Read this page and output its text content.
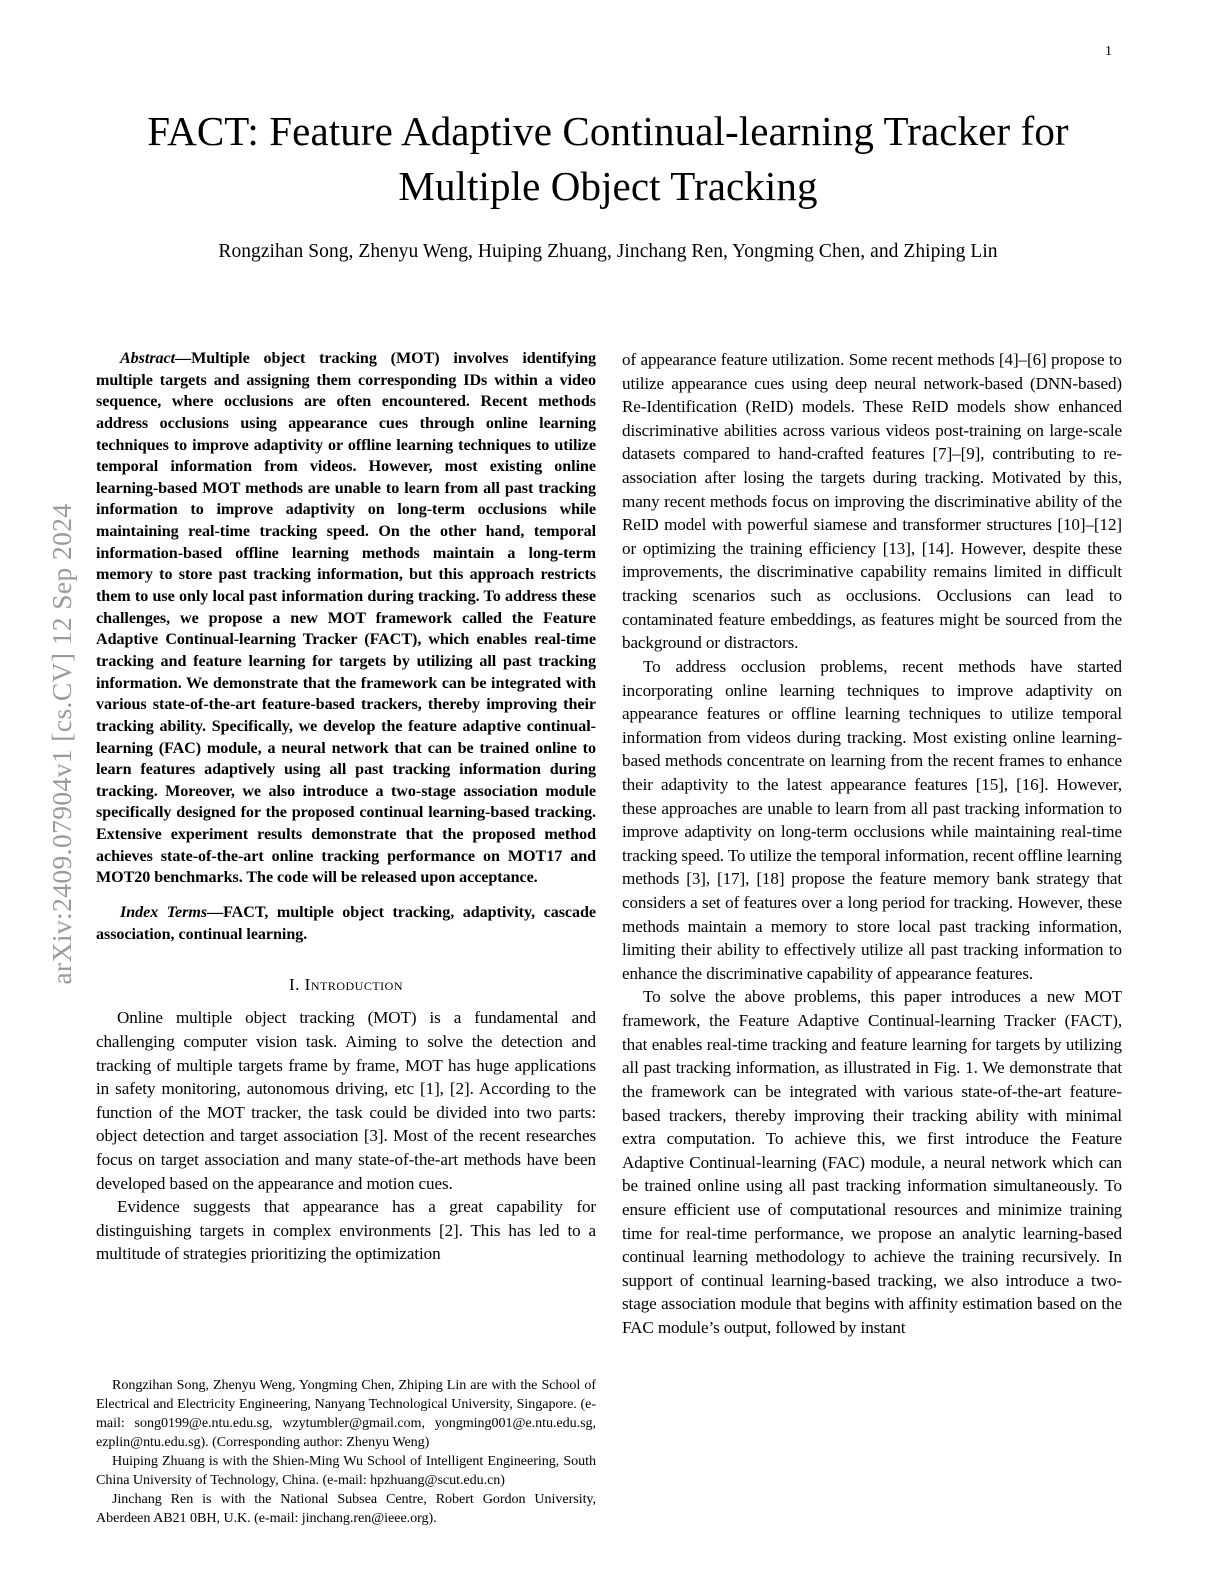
arXiv:2409.07904v1 [cs.CV] 12 Sep 2024
1
FACT: Feature Adaptive Continual-learning Tracker for Multiple Object Tracking
Rongzihan Song, Zhenyu Weng, Huiping Zhuang, Jinchang Ren, Yongming Chen, and Zhiping Lin

Abstract—Multiple object tracking (MOT) involves identifying multiple targets and assigning them corresponding IDs within a video sequence, where occlusions are often encountered. Recent methods address occlusions using appearance cues through online learning techniques to improve adaptivity or offline learning techniques to utilize temporal information from videos. However, most existing online learning-based MOT methods are unable to learn from all past tracking information to improve adaptivity on long-term occlusions while maintaining real-time tracking speed. On the other hand, temporal information-based offline learning methods maintain a long-term memory to store past tracking information, but this approach restricts them to use only local past information during tracking. To address these challenges, we propose a new MOT framework called the Feature Adaptive Continual-learning Tracker (FACT), which enables real-time tracking and feature learning for targets by utilizing all past tracking information. We demonstrate that the framework can be integrated with various state-of-the-art feature-based trackers, thereby improving their tracking ability. Specifically, we develop the feature adaptive continual-learning (FAC) module, a neural network that can be trained online to learn features adaptively using all past tracking information during tracking. Moreover, we also introduce a two-stage association module specifically designed for the proposed continual learning-based tracking. Extensive experiment results demonstrate that the proposed method achieves state-of-the-art online tracking performance on MOT17 and MOT20 benchmarks. The code will be released upon acceptance.

Index Terms—FACT, multiple object tracking, adaptivity, cascade association, continual learning.

I. Introduction

Online multiple object tracking (MOT) is a fundamental and challenging computer vision task. Aiming to solve the detection and tracking of multiple targets frame by frame, MOT has huge applications in safety monitoring, autonomous driving, etc [1], [2]. According to the function of the MOT tracker, the task could be divided into two parts: object detection and target association [3]. Most of the recent researches focus on target association and many state-of-the-art methods have been developed based on the appearance and motion cues.

Evidence suggests that appearance has a great capability for distinguishing targets in complex environments [2]. This has led to a multitude of strategies prioritizing the optimization

Rongzihan Song, Zhenyu Weng, Yongming Chen, Zhiping Lin are with the School of Electrical and Electricity Engineering, Nanyang Technological University, Singapore. (e-mail: song0199@e.ntu.edu.sg, wzytumbler@gmail.com, yongming001@e.ntu.edu.sg, ezplin@ntu.edu.sg). (Corresponding author: Zhenyu Weng)

Huiping Zhuang is with the Shien-Ming Wu School of Intelligent Engineering, South China University of Technology, China. (e-mail: hpzhuang@scut.edu.cn)

Jinchang Ren is with the National Subsea Centre, Robert Gordon University, Aberdeen AB21 0BH, U.K. (e-mail: jinchang.ren@ieee.org).

of appearance feature utilization. Some recent methods [4]–[6] propose to utilize appearance cues using deep neural network-based (DNN-based) Re-Identification (ReID) models. These ReID models show enhanced discriminative abilities across various videos post-training on large-scale datasets compared to hand-crafted features [7]–[9], contributing to re-association after losing the targets during tracking. Motivated by this, many recent methods focus on improving the discriminative ability of the ReID model with powerful siamese and transformer structures [10]–[12] or optimizing the training efficiency [13], [14]. However, despite these improvements, the discriminative capability remains limited in difficult tracking scenarios such as occlusions. Occlusions can lead to contaminated feature embeddings, as features might be sourced from the background or distractors.

To address occlusion problems, recent methods have started incorporating online learning techniques to improve adaptivity on appearance features or offline learning techniques to utilize temporal information from videos during tracking. Most existing online learning-based methods concentrate on learning from the recent frames to enhance their adaptivity to the latest appearance features [15], [16]. However, these approaches are unable to learn from all past tracking information to improve adaptivity on long-term occlusions while maintaining real-time tracking speed. To utilize the temporal information, recent offline learning methods [3], [17], [18] propose the feature memory bank strategy that considers a set of features over a long period for tracking. However, these methods maintain a memory to store local past tracking information, limiting their ability to effectively utilize all past tracking information to enhance the discriminative capability of appearance features.

To solve the above problems, this paper introduces a new MOT framework, the Feature Adaptive Continual-learning Tracker (FACT), that enables real-time tracking and feature learning for targets by utilizing all past tracking information, as illustrated in Fig. 1. We demonstrate that the framework can be integrated with various state-of-the-art feature-based trackers, thereby improving their tracking ability with minimal extra computation. To achieve this, we first introduce the Feature Adaptive Continual-learning (FAC) module, a neural network which can be trained online using all past tracking information simultaneously. To ensure efficient use of computational resources and minimize training time for real-time performance, we propose an analytic learning-based continual learning methodology to achieve the training recursively. In support of continual learning-based tracking, we also introduce a two-stage association module that begins with affinity estimation based on the FAC module’s output, followed by instant
